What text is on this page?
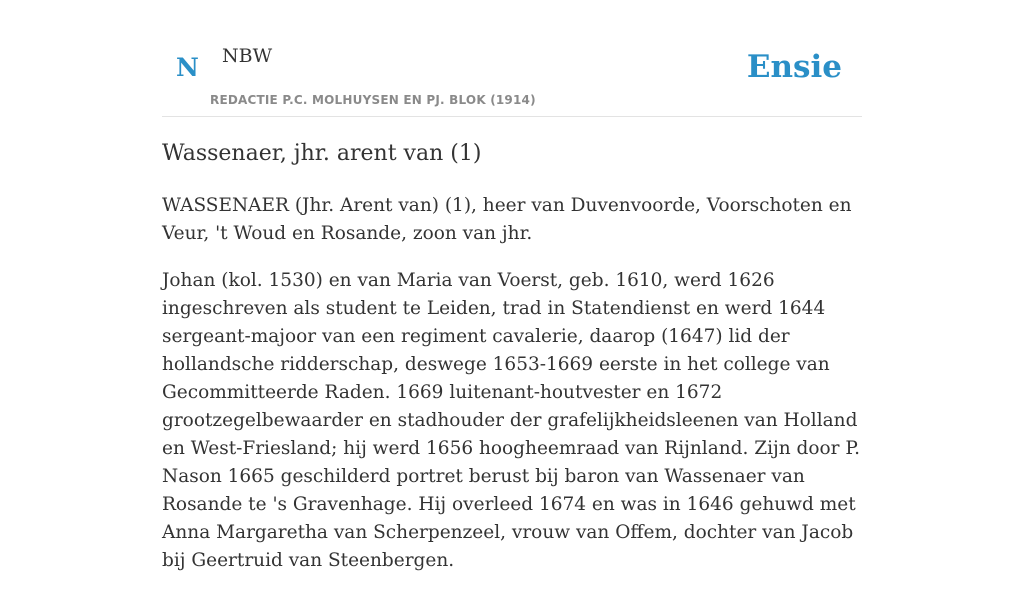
N NBW
REDACTIE P.C. MOLHUYSEN EN PJ. BLOK (1914)
Ensie
Wassenaer, jhr. arent van (1)

WASSENAER (Jhr. Arent van) (1), heer van Duvenvoorde, Voorschoten en Veur, 't Woud en Rosande, zoon van jhr.

Johan (kol. 1530) en van Maria van Voerst, geb. 1610, werd 1626 ingeschreven als student te Leiden, trad in Statendienst en werd 1644 sergeant-majoor van een regiment cavalerie, daarop (1647) lid der hollandsche ridderschap, deswege 1653-1669 eerste in het college van Gecommitteerde Raden. 1669 luitenant-houtvester en 1672 grootzegelbewaarder en stadhouder der grafelijkheidsleenen van Holland en West-Friesland; hij werd 1656 hoogheemraad van Rijnland. Zijn door P. Nason 1665 geschilderd portret berust bij baron van Wassenaer van Rosande te 's Gravenhage. Hij overleed 1674 en was in 1646 gehuwd met Anna Margaretha van Scherpenzeel, vrouw van Offem, dochter van Jacob bij Geertruid van Steenbergen.
